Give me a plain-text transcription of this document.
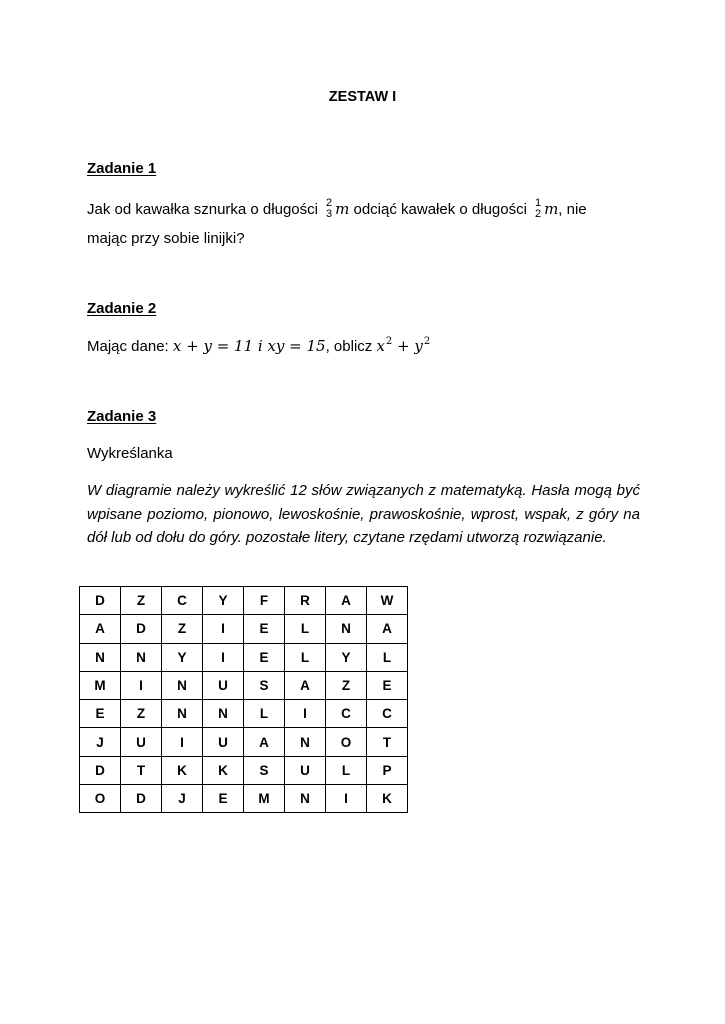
ZESTAW I
Zadanie 1
Jak od kawałka sznurka o długości 2
3 m odciąć kawałek o długości 1
2 m, nie
mając przy sobie linijki?
Zadanie 2
Mając dane: x + y = 11 i xy = 15, oblicz $x^2 + y^2$
Zadanie 3
Wykreślanka
W diagramie należy wykreślić 12 słów związanych z matematyką. Hasła mogą być wpisane poziomo, pionowo, lewoskośnie, prawoskośnie, wprost, wspak, z góry na dół lub od dołu do góry. pozostałe litery, czytane rzędami utworzą rozwiązanie.
D	Z	C	Y	F	R	A	W
A	D	Z	I	E	L	N	A
N	N	Y	I	E	L	Y	L
M	I	N	U	S	A	Z	E
E	Z	N	N	L	I	C	C
J	U	I	U	A	N	O	T
D	T	K	K	S	U	L	P
O	D	J	E	M	N	I	K
